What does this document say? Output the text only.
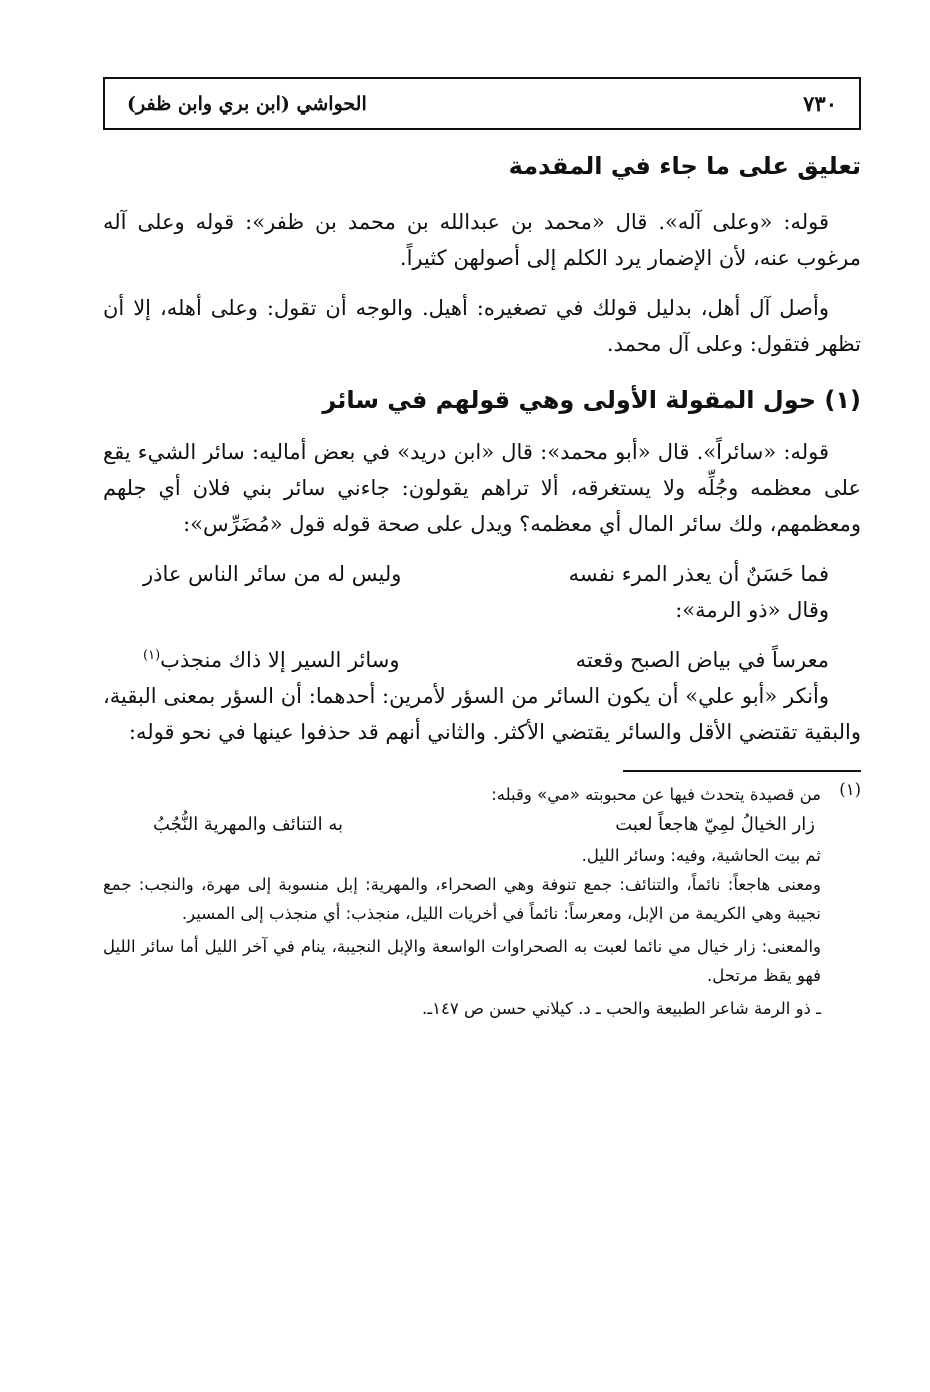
٧٣٠
الحواشي (ابن بري وابن ظفر)
تعليق على ما جاء في المقدمة

قوله: «وعلى آله». قال «محمد بن عبدالله بن محمد بن ظفر»: قوله وعلى آله مرغوب عنه، لأن الإضمار يرد الكلم إلى أصولهن كثيراً.

وأصل آل أهل، بدليل قولك في تصغيره: أهيل. والوجه أن تقول: وعلى أهله، إلا أن تظهر فتقول: وعلى آل محمد.

(١) حول المقولة الأولى وهي قولهم في سائر

قوله: «سائراً». قال «أبو محمد»: قال «ابن دريد» في بعض أماليه: سائر الشيء يقع على معظمه وجُلِّه ولا يستغرقه، ألا تراهم يقولون: جاءني سائر بني فلان أي جلهم ومعظمهم، ولك سائر المال أي معظمه؟ ويدل على صحة قوله قول «مُضَرِّس»:

فما حَسَنٌ أن يعذر المرء نفسه
وليس له من سائر الناس عاذر

وقال «ذو الرمة»:

معرساً في بياض الصبح وقعته
وسائر السير إلا ذاك منجذب$^{(١)}$

وأنكر «أبو علي» أن يكون السائر من السؤر لأمرين: أحدهما: أن السؤر بمعنى البقية، والبقية تقتضي الأقل والسائر يقتضي الأكثر. والثاني أنهم قد حذفوا عينها في نحو قوله:

(١)

من قصيدة يتحدث فيها عن محبوبته «مي» وقبله:

زار الخيالُ لمِيّ هاجعاً لعبت
به التنائف والمهرية النُّجُبُ

ثم بيت الحاشية، وفيه: وسائر الليل.

ومعنى هاجعاً: نائماً، والتنائف: جمع تنوفة وهي الصحراء، والمهرية: إبل منسوبة إلى مهرة، والنجب: جمع نجيبة وهي الكريمة من الإبل، ومعرساً: نائماً في أخريات الليل، منجذب: أي منجذب إلى المسير.

والمعنى: زار خيال مي نائما لعبت به الصحراوات الواسعة والإبل النجيبة، ينام في آخر الليل أما سائر الليل فهو يقظ مرتحل.

ـ ذو الرمة شاعر الطبيعة والحب ـ د. كيلاني حسن ص ١٤٧ـ.
